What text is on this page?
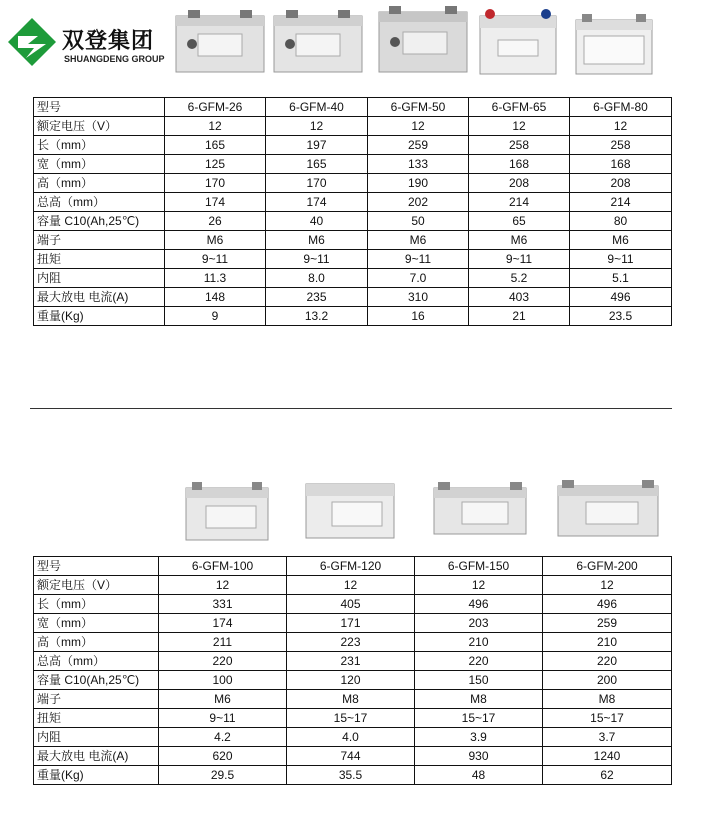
双登集团
SHUANGDENG GROUP
型号	6-GFM-26	6-GFM-40	6-GFM-50	6-GFM-65	6-GFM-80
额定电压（V）	12	12	12	12	12
长（mm）	165	197	259	258	258
宽（mm）	125	165	133	168	168
高（mm）	170	170	190	208	208
总高（mm）	174	174	202	214	214
容量 C10(Ah,25℃)	26	40	50	65	80
端子	M6	M6	M6	M6	M6
扭矩	9~11	9~11	9~11	9~11	9~11
内阻	11.3	8.0	7.0	5.2	5.1
最大放电 电流(A)	148	235	310	403	496
重量(Kg)	9	13.2	16	21	23.5
型号	6-GFM-100	6-GFM-120	6-GFM-150	6-GFM-200
额定电压（V）	12	12	12	12
长（mm）	331	405	496	496
宽（mm）	174	171	203	259
高（mm）	211	223	210	210
总高（mm）	220	231	220	220
容量 C10(Ah,25℃)	100	120	150	200
端子	M6	M8	M8	M8
扭矩	9~11	15~17	15~17	15~17
内阻	4.2	4.0	3.9	3.7
最大放电 电流(A)	620	744	930	1240
重量(Kg)	29.5	35.5	48	62
